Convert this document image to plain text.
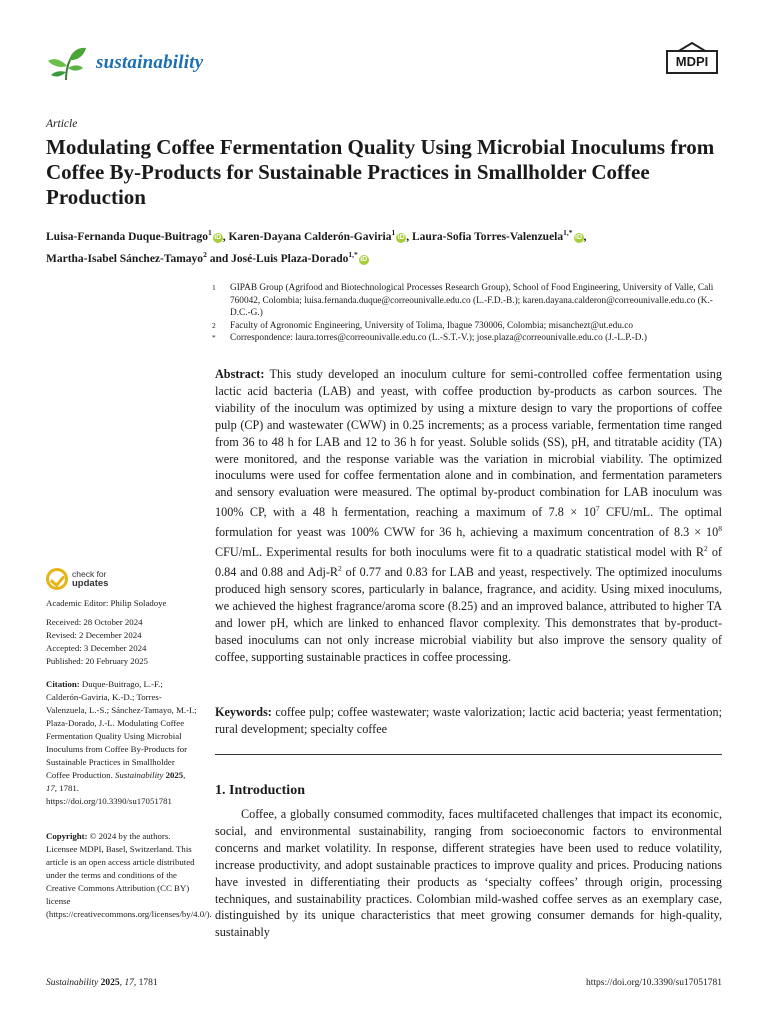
sustainability	MDPI
Article
Modulating Coffee Fermentation Quality Using Microbial Inoculums from Coffee By-Products for Sustainable Practices in Smallholder Coffee Production
Luisa-Fernanda Duque-Buitrago$^1$iD , Karen-Dayana Calderón-Gaviria$^1$iD , Laura-Sofia Torres-Valenzuela$^{1,*}$iD ,
Martha-Isabel Sánchez-Tamayo$^2$ and José-Luis Plaza-Dorado$^{1,*}$iD
1	GIPAB Group (Agrifood and Biotechnological Processes Research Group), School of Food Engineering, University of Valle, Cali 760042, Colombia; luisa.fernanda.duque@correounivalle.edu.co (L.-F.D.-B.); karen.dayana.calderon@correounivalle.edu.co (K.-D.C.-G.)
2	Faculty of Agronomic Engineering, University of Tolima, Ibague 730006, Colombia; misanchezt@ut.edu.co
*	Correspondence: laura.torres@correounivalle.edu.co (L.-S.T.-V.); jose.plaza@correounivalle.edu.co (J.-L.P.-D.)
Abstract: This study developed an inoculum culture for semi-controlled coffee fermentation using lactic acid bacteria (LAB) and yeast, with coffee production by-products as carbon sources. The viability of the inoculum was optimized by using a mixture design to vary the proportions of coffee pulp (CP) and wastewater (CWW) in 0.25 increments; as a process variable, fermentation time ranged from 36 to 48 h for LAB and 12 to 36 h for yeast. Soluble solids (SS), pH, and titratable acidity (TA) were monitored, and the response variable was the variation in microbial viability. The optimized inoculums were used for coffee fermentation alone and in combination, and fermentation parameters and sensory evaluation were measured. The optimal by-product combination for LAB inoculum was 100% CP, with a 48 h fermentation, reaching a maximum of $7.8 \times 10^7$ CFU/mL. The optimal formulation for yeast was 100% CWW for 36 h, achieving a maximum concentration of $8.3 \times 10^8$ CFU/mL. Experimental results for both inoculums were fit to a quadratic statistical model with $R^2$ of 0.84 and 0.88 and Adj-$R^2$ of 0.77 and 0.83 for LAB and yeast, respectively. The optimized inoculums produced high sensory scores, particularly in balance, fragrance, and acidity. Using mixed inoculums, we achieved the highest fragrance/aroma score (8.25) and an improved balance, attributed to higher TA and lower pH, which are linked to enhanced flavor complexity. This demonstrates that by-product-based inoculums can not only increase microbial viability but also improve the sensory quality of coffee, supporting sustainable practices in coffee processing.
Keywords: coffee pulp; coffee wastewater; waste valorization; lactic acid bacteria; yeast fermentation; rural development; specialty coffee
1. Introduction
Coffee, a globally consumed commodity, faces multifaceted challenges that impact its economic, social, and environmental sustainability, ranging from socioeconomic factors to environmental concerns and market volatility. In response, different strategies have been used to reduce volatility, increase productivity, and adopt sustainable practices to improve quality and prices. Producing nations have invested in differentiating their products as ‘specialty coffees’ through origin, processing techniques, and sustainability practices. Colombian mild-washed coffee serves as an exemplary case, distinguished by its unique characteristics that meet growing consumer demands for high-quality, sustainably
check for
updates
Academic Editor: Philip Soladoye

Received: 28 October 2024

Revised: 2 December 2024

Accepted: 3 December 2024

Published: 20 February 2025

Citation: Duque-Buitrago, L.-F.; Calderón-Gaviria, K.-D.; Torres-Valenzuela, L.-S.; Sánchez-Tamayo, M.-I.; Plaza-Dorado, J.-L. Modulating Coffee Fermentation Quality Using Microbial Inoculums from Coffee By-Products for Sustainable Practices in Smallholder Coffee Production. Sustainability 2025, 17, 1781. https://doi.org/10.3390/su17051781
Copyright: © 2024 by the authors. Licensee MDPI, Basel, Switzerland. This article is an open access article distributed under the terms and conditions of the Creative Commons Attribution (CC BY) license (https://creativecommons.org/licenses/by/4.0/).
Sustainability 2025, 17, 1781	https://doi.org/10.3390/su17051781
